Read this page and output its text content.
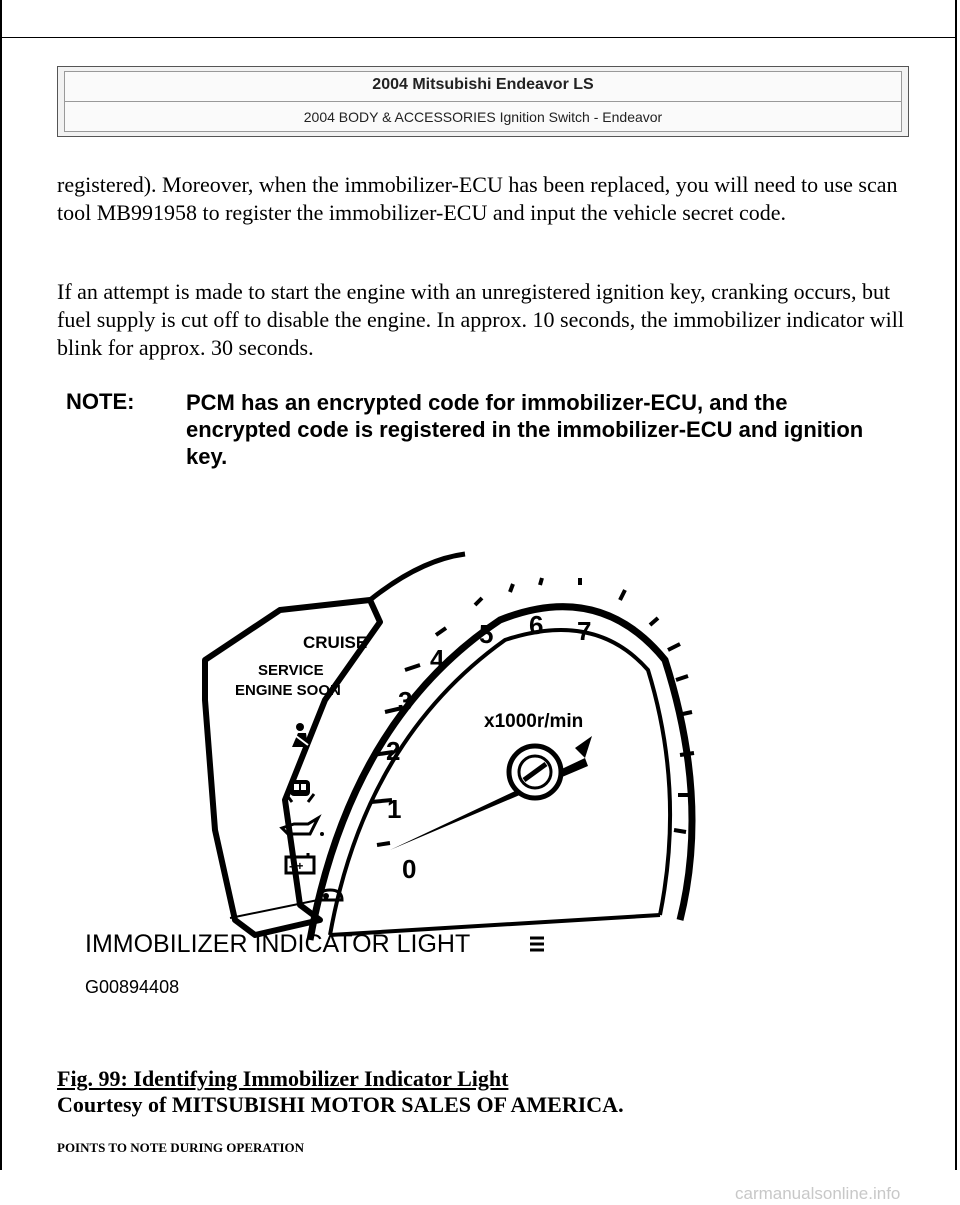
2004 Mitsubishi Endeavor LS
2004 BODY & ACCESSORIES Ignition Switch - Endeavor

registered). Moreover, when the immobilizer-ECU has been replaced, you will need to use scan tool MB991958 to register the immobilizer-ECU and input the vehicle secret code.

If an attempt is made to start the engine with an unregistered ignition key, cranking occurs, but fuel supply is cut off to disable the engine. In approx. 10 seconds, the immobilizer indicator will blink for approx. 30 seconds.

NOTE: PCM has an encrypted code for immobilizer-ECU, and the encrypted code is registered in the immobilizer-ECU and ignition key.
CRUISE
SERVICE
ENGINE SOON
- +	0
1
2
3
4
5 6 7
x1000r/min
IMMOBILIZER INDICATOR LIGHT
G00894408
Fig. 99: Identifying Immobilizer Indicator Light
Courtesy of MITSUBISHI MOTOR SALES OF AMERICA.
POINTS TO NOTE DURING OPERATION
carmanualsonline.info
